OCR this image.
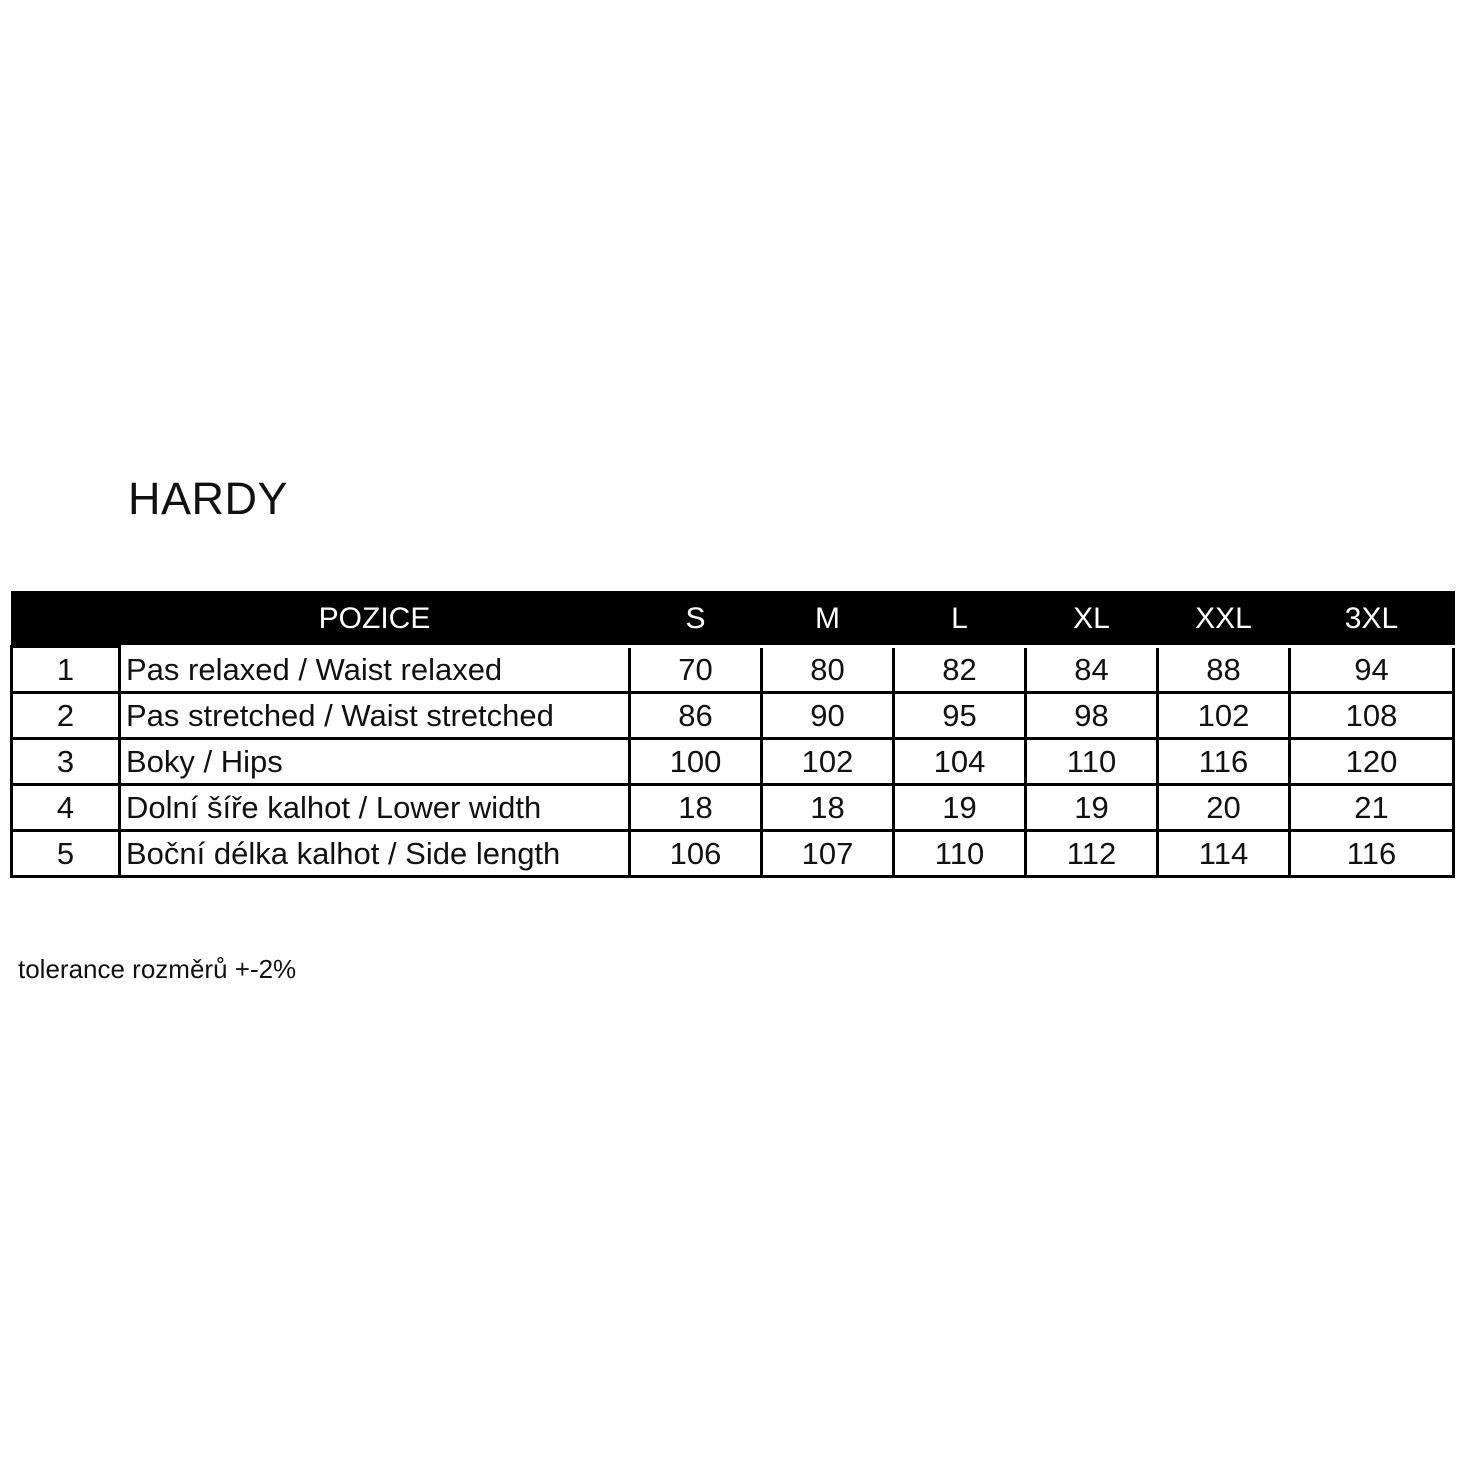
HARDY
	POZICE	S	M	L	XL	XXL	3XL
1	Pas relaxed / Waist relaxed	70	80	82	84	88	94
2	Pas stretched / Waist stretched	86	90	95	98	102	108
3	Boky / Hips	100	102	104	110	116	120
4	Dolní šíře kalhot / Lower width	18	18	19	19	20	21
5	Boční délka kalhot / Side length	106	107	110	112	114	116

tolerance rozměrů +-2%
